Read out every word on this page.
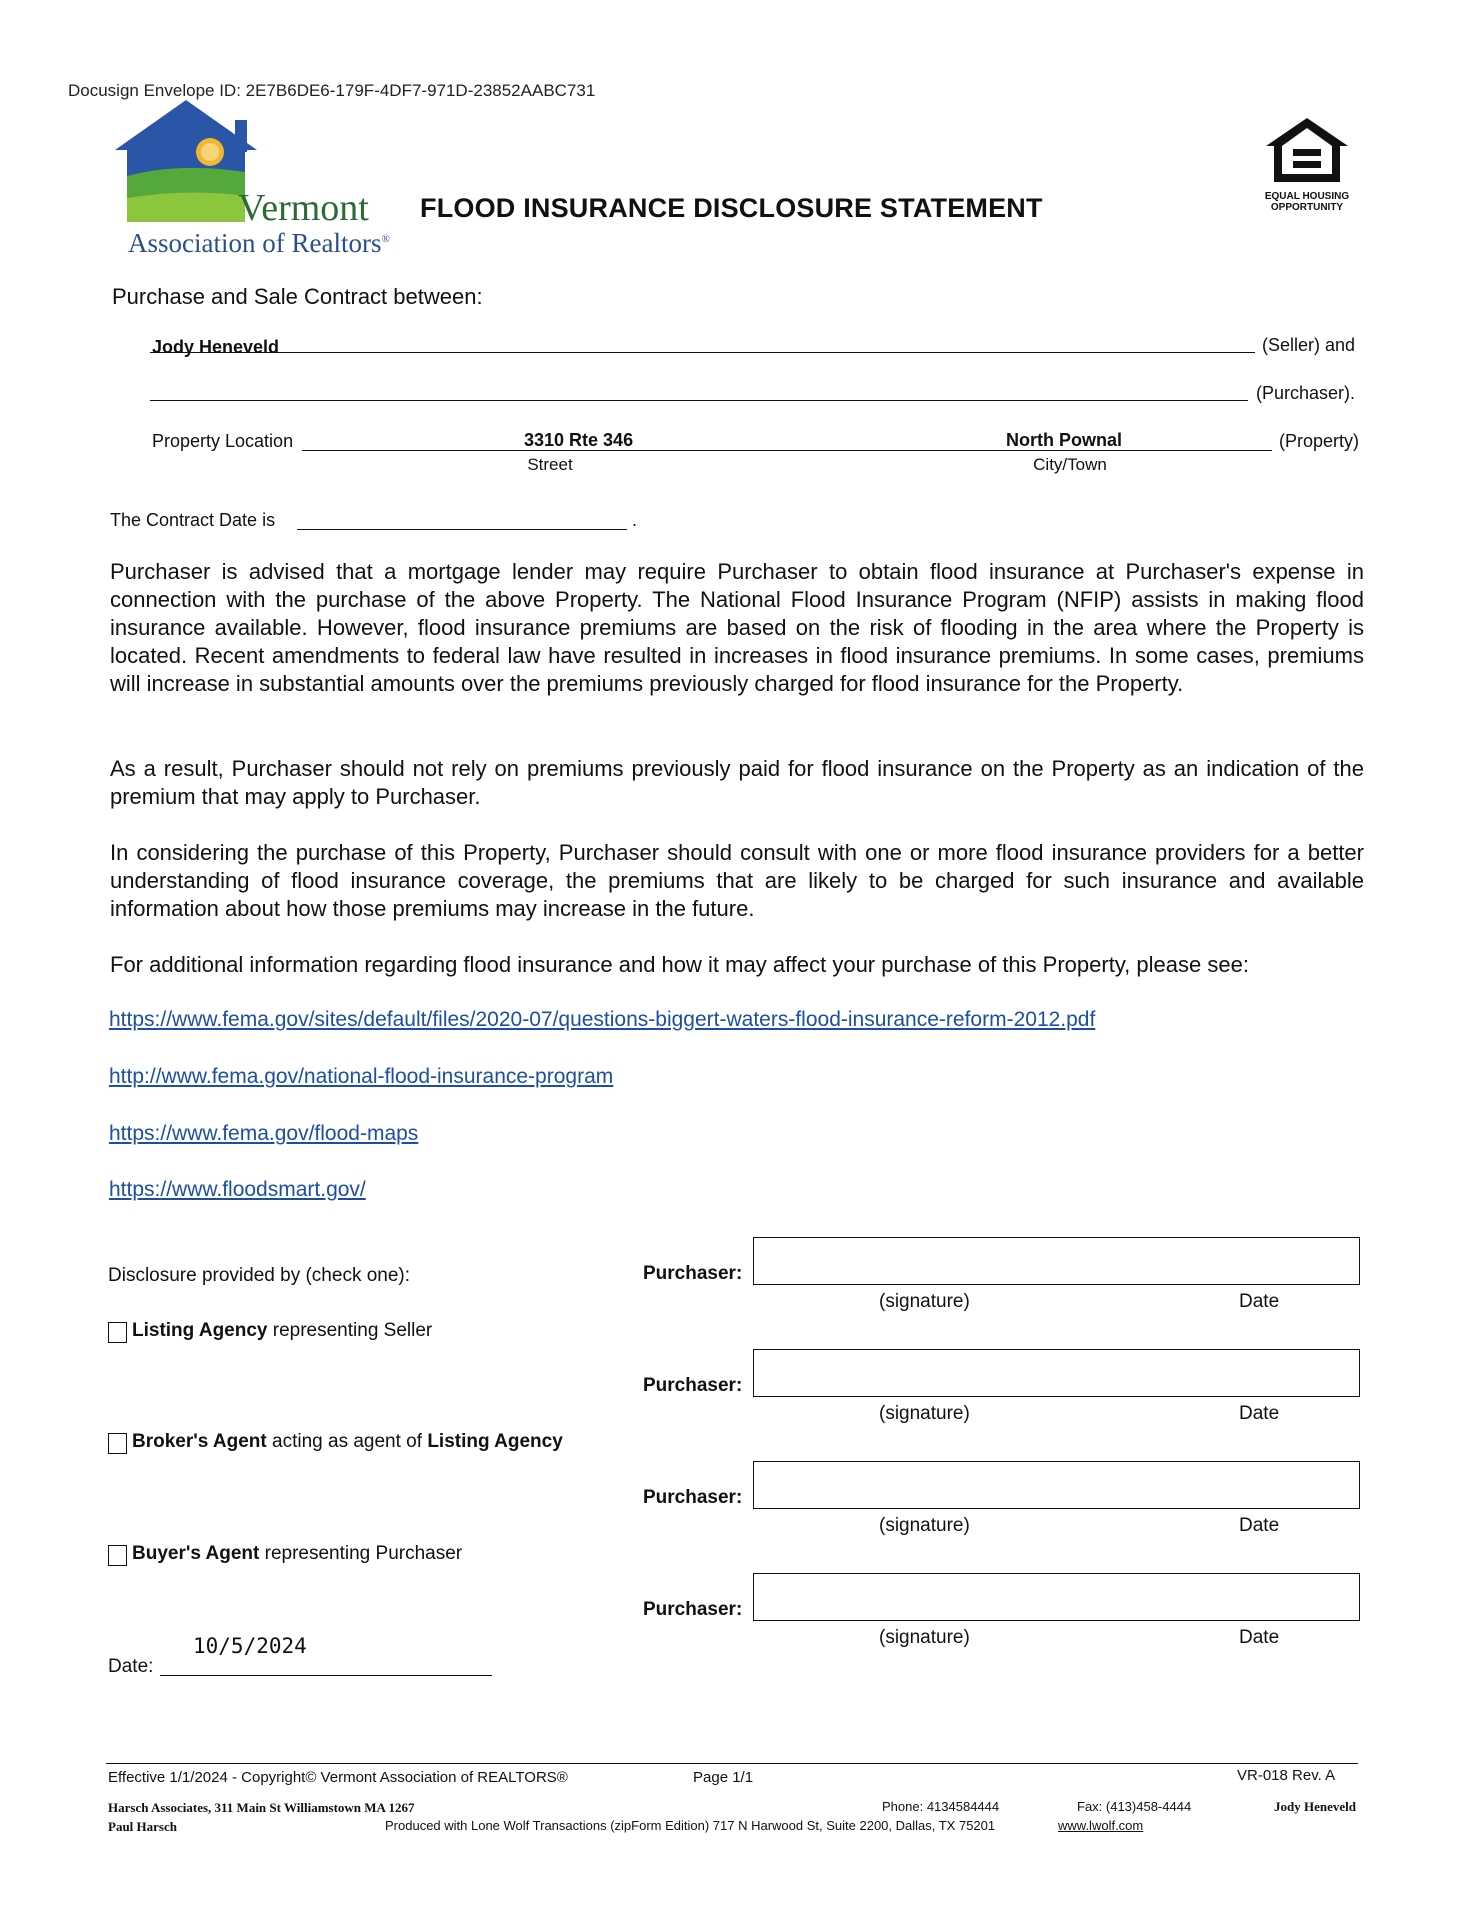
Docusign Envelope ID: 2E7B6DE6-179F-4DF7-971D-23852AABC731
Vermont
Association of Realtors®
FLOOD INSURANCE DISCLOSURE STATEMENT	EQUAL HOUSING
OPPORTUNITY
Purchase and Sale Contract between:
Jody Heneveld	(Seller) and
(Purchaser).
Property Location	3310 Rte 346
Street
North Pownal
City/Town
(Property)
The Contract Date is	.
Purchaser is advised that a mortgage lender may require Purchaser to obtain flood insurance at Purchaser's expense in connection with the purchase of the above Property. The National Flood Insurance Program (NFIP) assists in making flood insurance available. However, flood insurance premiums are based on the risk of flooding in the area where the Property is located. Recent amendments to federal law have resulted in increases in flood insurance premiums. In some cases, premiums will increase in substantial amounts over the premiums previously charged for flood insurance for the Property.
As a result, Purchaser should not rely on premiums previously paid for flood insurance on the Property as an indication of the premium that may apply to Purchaser.
In considering the purchase of this Property, Purchaser should consult with one or more flood insurance providers for a better understanding of flood insurance coverage, the premiums that are likely to be charged for such insurance and available information about how those premiums may increase in the future.
For additional information regarding flood insurance and how it may affect your purchase of this Property, please see:
https://www.fema.gov/sites/default/files/2020-07/questions-biggert-waters-flood-insurance-reform-2012.pdf
http://www.fema.gov/national-flood-insurance-program
https://www.fema.gov/flood-maps
https://www.floodsmart.gov/
Disclosure provided by (check one):
Listing Agency representing Seller
Broker's Agent acting as agent of Listing Agency
Buyer's Agent representing Purchaser
10/5/2024
Date:
Purchaser:
(signature)	Date
Purchaser:
(signature)	Date
Purchaser:
(signature)	Date
Purchaser:
(signature)	Date
Effective 1/1/2024 - Copyright© Vermont Association of REALTORS®	Page 1/1	VR-018 Rev. A
Harsch Associates, 311 Main St Williamstown MA 1267	Phone: 4134584444	Fax: (413)458-4444	Jody Heneveld
Paul Harsch	Produced with Lone Wolf Transactions (zipForm Edition) 717 N Harwood St, Suite 2200, Dallas, TX 75201	www.lwolf.com
